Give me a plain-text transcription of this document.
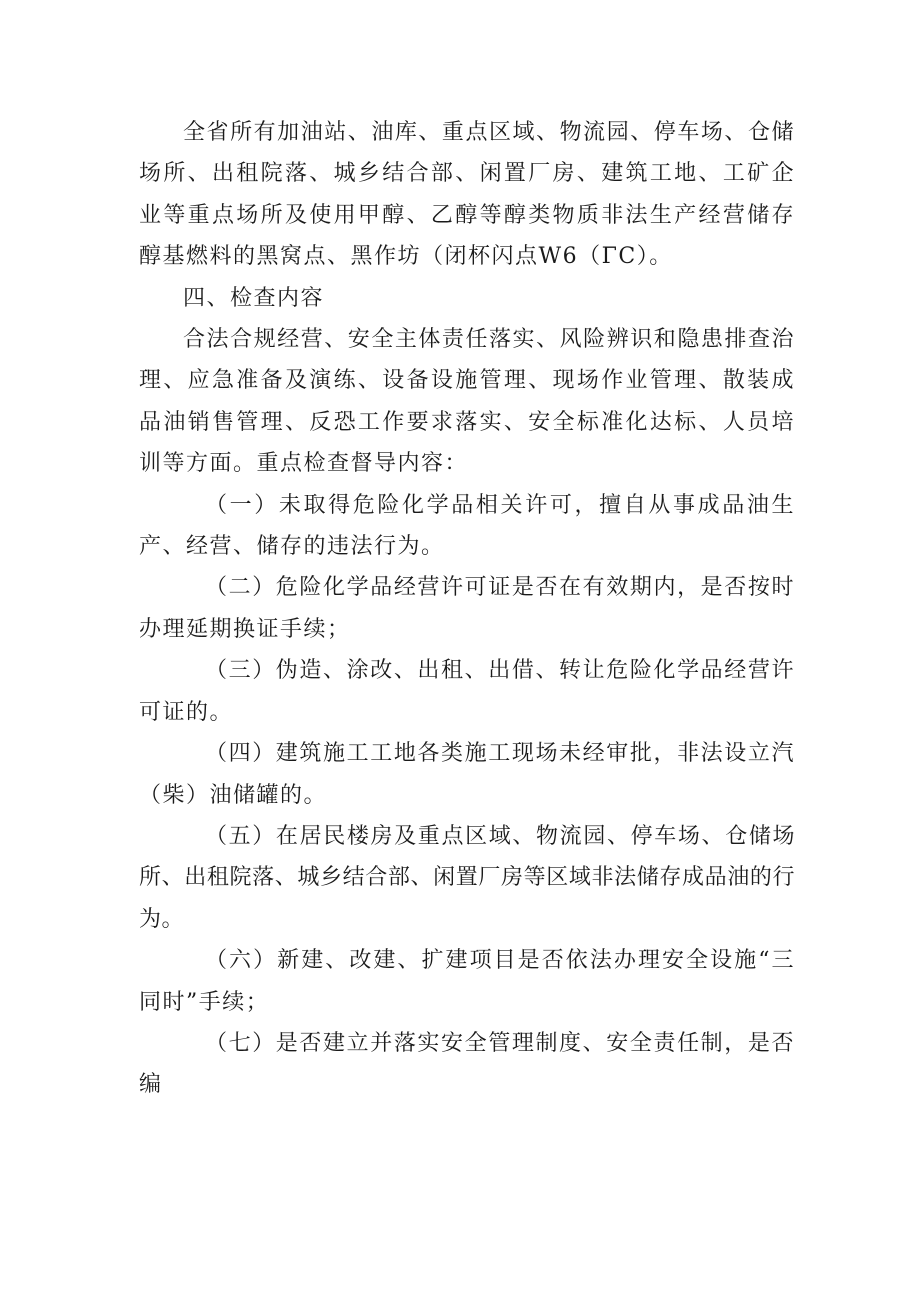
全省所有加油站、油库、重点区域、物流园、停车场、仓储场所、出租院落、城乡结合部、闲置厂房、建筑工地、工矿企业等重点场所及使用甲醇、乙醇等醇类物质非法生产经营储存醇基燃料的黑窝点、黑作坊（闭杯闪点W6（ΓC）。

四、检查内容

合法合规经营、安全主体责任落实、风险辨识和隐患排查治理、应急准备及演练、设备设施管理、现场作业管理、散装成品油销售管理、反恐工作要求落实、安全标准化达标、人员培训等方面。重点检查督导内容：

（一）未取得危险化学品相关许可，擅自从事成品油生产、经营、储存的违法行为。

（二）危险化学品经营许可证是否在有效期内，是否按时办理延期换证手续；

（三）伪造、涂改、出租、出借、转让危险化学品经营许可证的。

（四）建筑施工工地各类施工现场未经审批，非法设立汽（柴）油储罐的。

（五）在居民楼房及重点区域、物流园、停车场、仓储场所、出租院落、城乡结合部、闲置厂房等区域非法储存成品油的行为。

（六）新建、改建、扩建项目是否依法办理安全设施“三同时”手续；

（七）是否建立并落实安全管理制度、安全责任制，是否编
